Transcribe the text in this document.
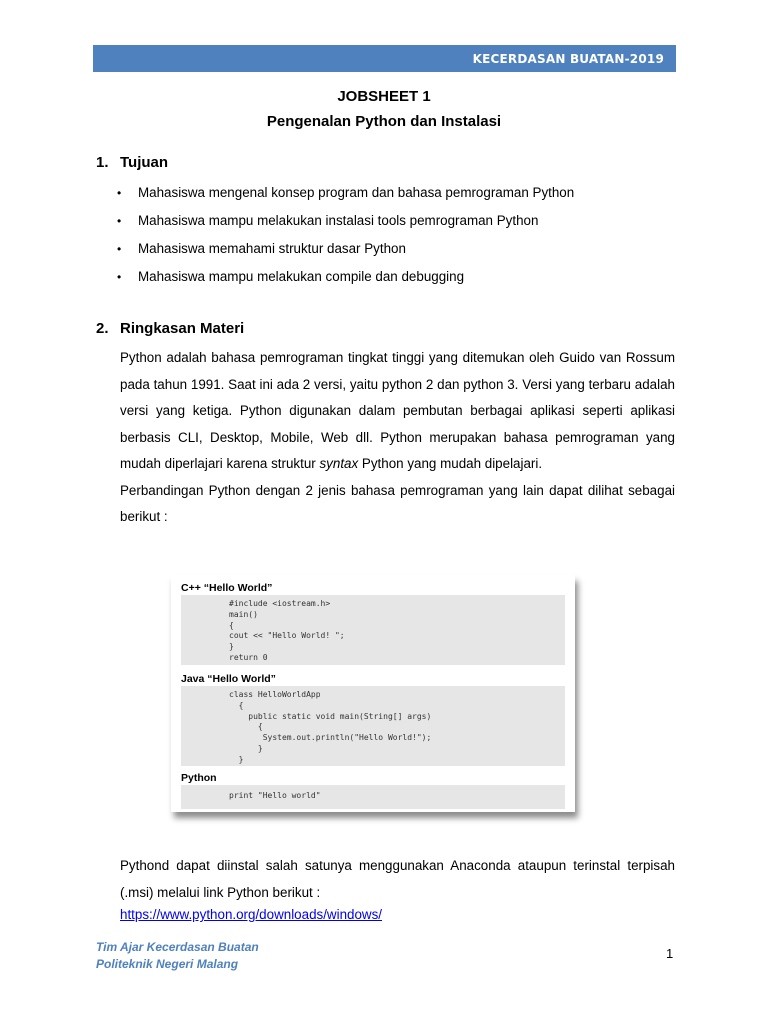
KECERDASAN BUATAN-2019
JOBSHEET 1
Pengenalan Python dan Instalasi
1. Tujuan
• Mahasiswa mengenal konsep program dan bahasa pemrograman Python
• Mahasiswa mampu melakukan instalasi tools pemrograman Python
• Mahasiswa memahami struktur dasar Python
• Mahasiswa mampu melakukan compile dan debugging
2. Ringkasan Materi

Python adalah bahasa pemrograman tingkat tinggi yang ditemukan oleh Guido van Rossum pada tahun 1991. Saat ini ada 2 versi, yaitu python 2 dan python 3. Versi yang terbaru adalah versi yang ketiga. Python digunakan dalam pembutan berbagai aplikasi seperti aplikasi berbasis CLI, Desktop, Mobile, Web dll. Python merupakan bahasa pemrograman yang mudah diperlajari karena struktur syntax Python yang mudah dipelajari.

Perbandingan Python dengan 2 jenis bahasa pemrograman yang lain dapat dilihat sebagai berikut :

C++ “Hello World”
#include <iostream.h>
main()
{
cout << "Hello World! ";
}
return 0
Java “Hello World”
class HelloWorldApp
{
public static void main(String[] args)
{
System.out.println("Hello World!");
}
}
Python
print "Hello world"

Pythond dapat diinstal salah satunya menggunakan Anaconda ataupun terinstal terpisah (.msi) melalui link Python berikut :

https://www.python.org/downloads/windows/
Tim Ajar Kecerdasan Buatan
Politeknik Negeri Malang
1
